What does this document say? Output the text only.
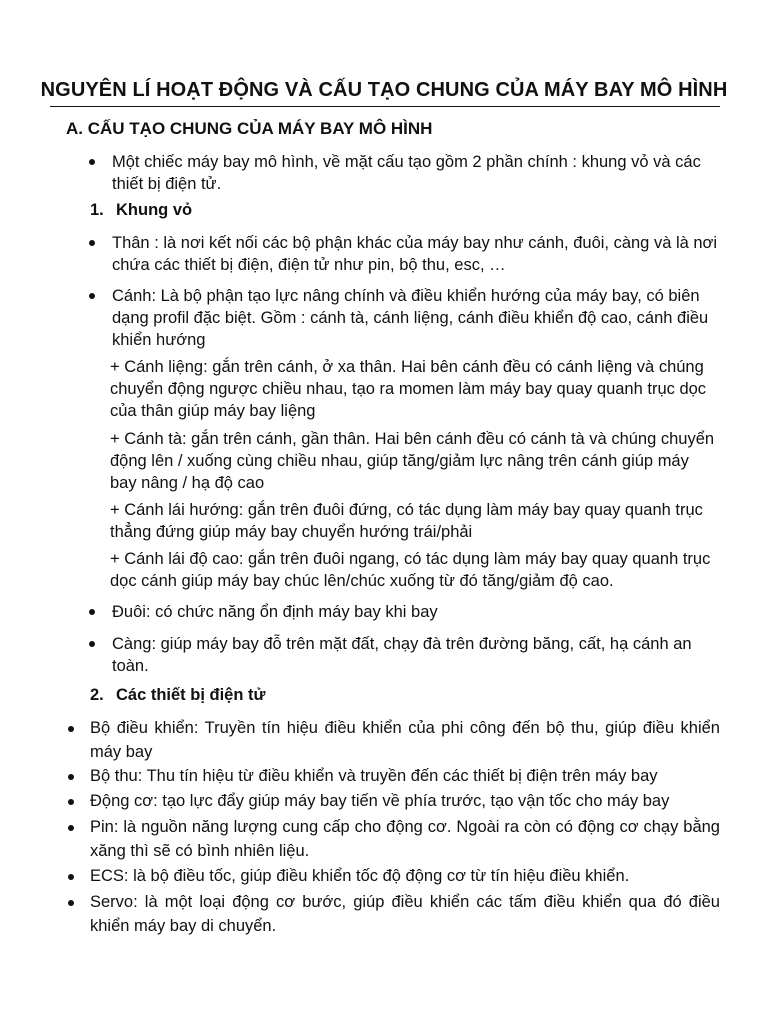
NGUYÊN LÍ HOẠT ĐỘNG VÀ CẤU TẠO CHUNG CỦA MÁY BAY MÔ HÌNH
A. CẤU TẠO CHUNG CỦA MÁY BAY MÔ HÌNH
Một chiếc máy bay mô hình, về mặt cấu tạo gồm 2 phần chính : khung vỏ và các thiết bị điện tử.
1. Khung vỏ
Thân : là nơi kết nối các bộ phận khác của máy bay như cánh, đuôi, càng và là nơi chứa các thiết bị điện, điện tử như pin, bộ thu, esc, …
Cánh: Là bộ phận tạo lực nâng chính và điều khiển hướng của máy bay, có biên dạng profil đặc biệt. Gồm : cánh tà, cánh liệng, cánh điều khiển độ cao, cánh điều khiển hướng
+ Cánh liệng: gắn trên cánh, ở xa thân. Hai bên cánh đều có cánh liệng và chúng chuyển động ngược chiều nhau, tạo ra momen làm máy bay quay quanh trục dọc của thân giúp máy bay liệng
+ Cánh tà: gắn trên cánh, gần thân. Hai bên cánh đều có cánh tà và chúng chuyển động lên / xuống cùng chiều nhau, giúp tăng/giảm lực nâng trên cánh giúp máy bay nâng / hạ độ cao
+ Cánh lái hướng: gắn trên đuôi đứng, có tác dụng làm máy bay quay quanh trục thẳng đứng giúp máy bay chuyển hướng trái/phải
+ Cánh lái độ cao: gắn trên đuôi ngang, có tác dụng làm máy bay quay quanh trục dọc cánh giúp máy bay chúc lên/chúc xuống từ đó tăng/giảm độ cao.
Đuôi: có chức năng ổn định máy bay khi bay
Càng: giúp máy bay đỗ trên mặt đất, chạy đà trên đường băng, cất, hạ cánh an toàn.
2. Các thiết bị điện tử
Bộ điều khiển: Truyền tín hiệu điều khiển của phi công đến bộ thu, giúp điều khiển máy bay
Bộ thu: Thu tín hiệu từ điều khiển và truyền đến các thiết bị điện trên máy bay
Động cơ: tạo lực đẩy giúp máy bay tiến về phía trước, tạo vận tốc cho máy bay
Pin: là nguồn năng lượng cung cấp cho động cơ. Ngoài ra còn có động cơ chạy bằng xăng thì sẽ có bình nhiên liệu.
ECS: là bộ điều tốc, giúp điều khiển tốc độ động cơ từ tín hiệu điều khiển.
Servo: là một loại động cơ bước, giúp điều khiển các tấm điều khiển qua đó điều khiển máy bay di chuyển.
